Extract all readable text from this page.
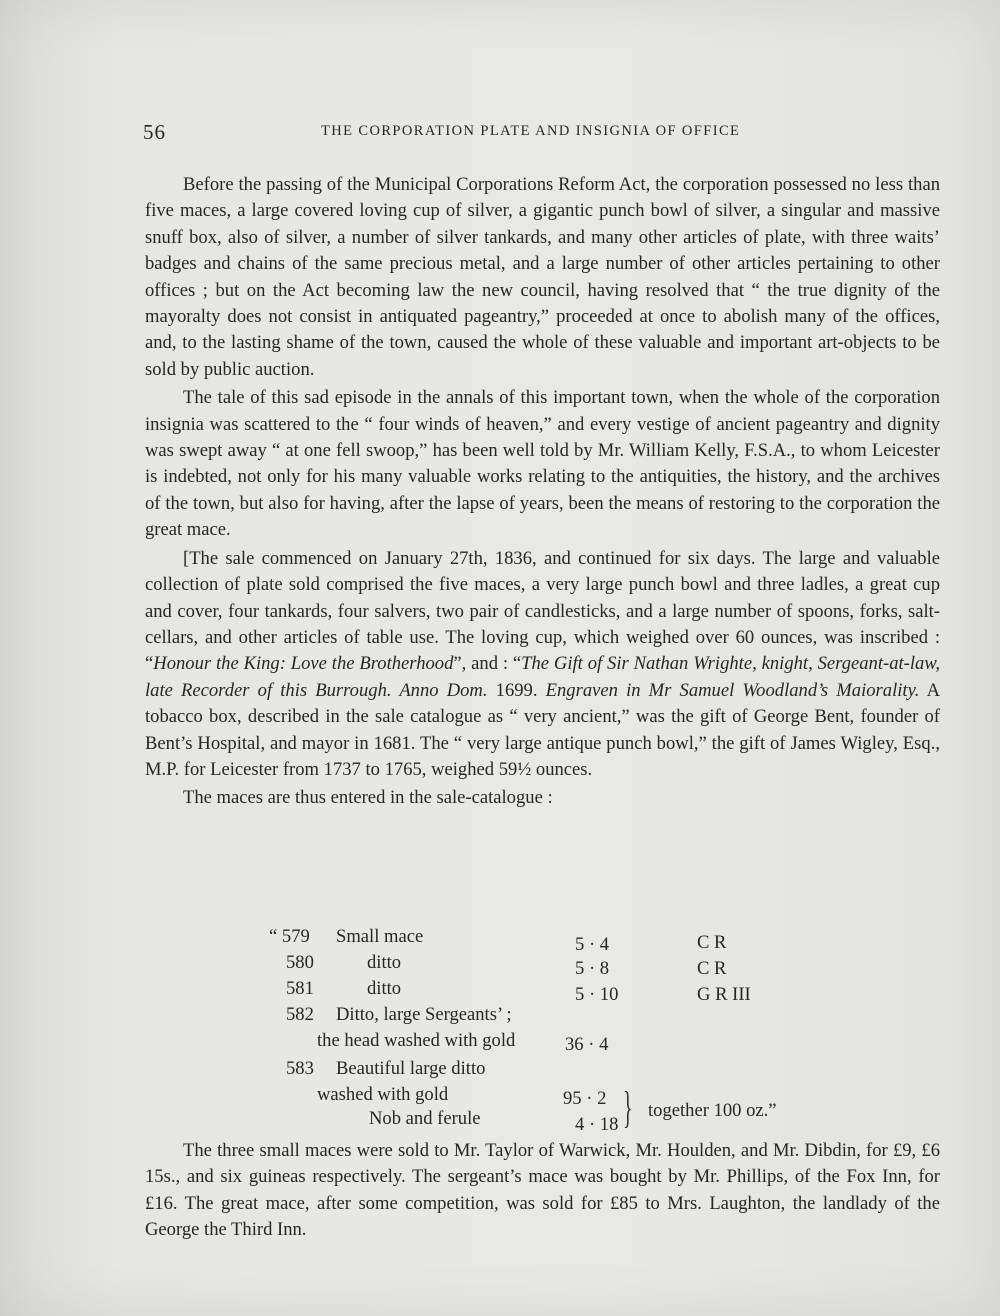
56	THE CORPORATION PLATE AND INSIGNIA OF OFFICE

Before the passing of the Municipal Corporations Reform Act, the corporation possessed no less than five maces, a large covered loving cup of silver, a gigantic punch bowl of silver, a singular and massive snuff box, also of silver, a number of silver tankards, and many other articles of plate, with three waits’ badges and chains of the same precious metal, and a large number of other articles pertaining to other offices ; but on the Act becoming law the new council, having resolved that “ the true dignity of the mayoralty does not consist in antiquated pageantry,” proceeded at once to abolish many of the offices, and, to the lasting shame of the town, caused the whole of these valuable and important art-objects to be sold by public auction.

The tale of this sad episode in the annals of this important town, when the whole of the corporation insignia was scattered to the “ four winds of heaven,” and every vestige of ancient pageantry and dignity was swept away “ at one fell swoop,” has been well told by Mr. William Kelly, F.S.A., to whom Leicester is indebted, not only for his many valuable works relating to the antiquities, the history, and the archives of the town, but also for having, after the lapse of years, been the means of restoring to the corporation the great mace.

[The sale commenced on January 27th, 1836, and continued for six days. The large and valuable collection of plate sold comprised the five maces, a very large punch bowl and three ladles, a great cup and cover, four tankards, four salvers, two pair of candlesticks, and a large number of spoons, forks, salt-cellars, and other articles of table use. The loving cup, which weighed over 60 ounces, was inscribed : “Honour the King: Love the Brotherhood”, and : “The Gift of Sir Nathan Wrighte, knight, Sergeant-at-law, late Recorder of this Burrough. Anno Dom. 1699. Engraven in Mr Samuel Woodland’s Maiorality. A tobacco box, described in the sale catalogue as “ very ancient,” was the gift of George Bent, founder of Bent’s Hospital, and mayor in 1681. The “ very large antique punch bowl,” the gift of James Wigley, Esq., M.P. for Leicester from 1737 to 1765, weighed 59½ ounces.

The maces are thus entered in the sale-catalogue :

“ 579 Small mace	5 · 4	C R
580	ditto	5 · 8	C R
581	ditto	5 · 10	G R III
582 Ditto, large Sergeants’ ;
the head washed with gold	36 · 4
583 Beautiful large ditto
washed with gold	95 · 2
Nob and ferule	4 · 18 } together 100 oz.”

The three small maces were sold to Mr. Taylor of Warwick, Mr. Houlden, and Mr. Dibdin, for £9, £6 15s., and six guineas respectively. The sergeant’s mace was bought by Mr. Phillips, of the Fox Inn, for £16. The great mace, after some competition, was sold for £85 to Mrs. Laughton, the landlady of the George the Third Inn.
